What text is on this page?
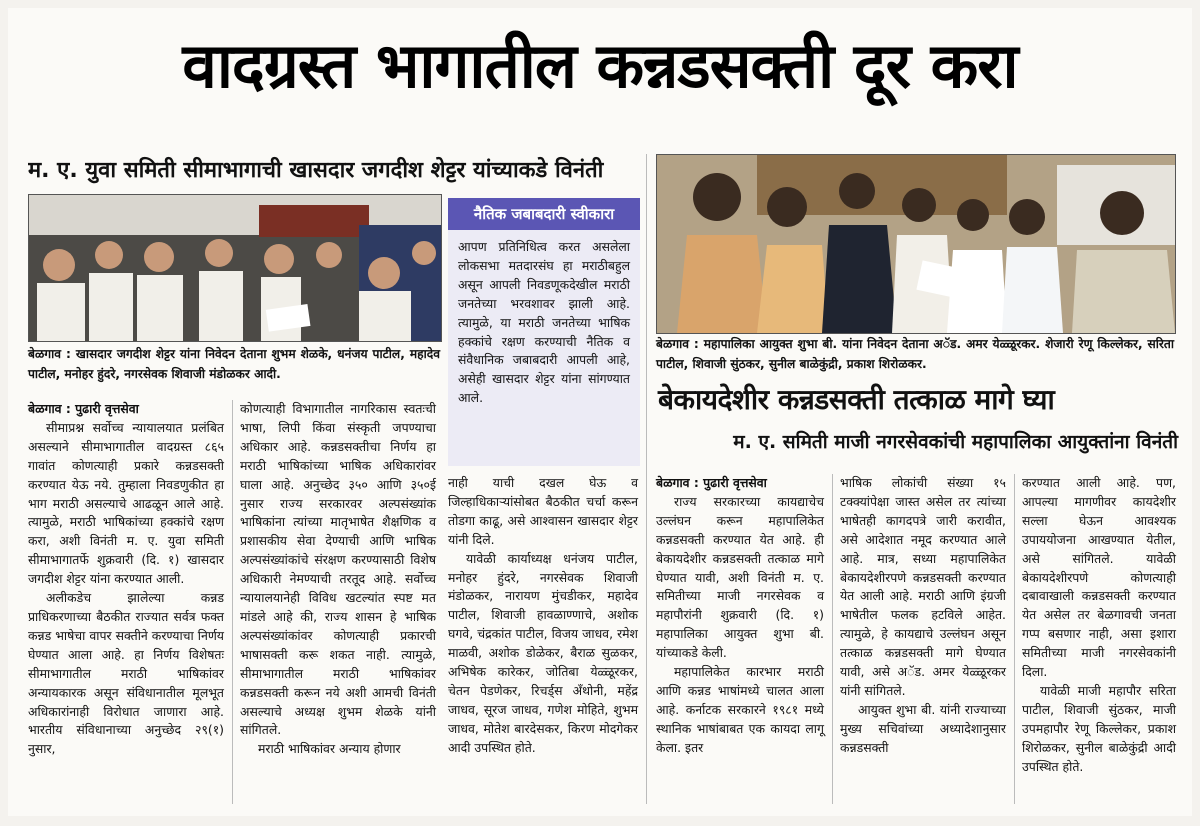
वादग्रस्त भागातील कन्नडसक्ती दूर करा
म. ए. युवा समिती सीमाभागाची खासदार जगदीश शेट्टर यांच्याकडे विनंती
बेळगाव : खासदार जगदीश शेट्टर यांना निवेदन देताना शुभम शेळके, धनंजय पाटील, महादेव पाटील, मनोहर हुंदरे, नगरसेवक शिवाजी मंडोळकर आदी.

बेळगाव : पुढारी वृत्तसेवा

सीमाप्रश्न सर्वोच्च न्यायालयात प्रलंबित असल्याने सीमाभागातील वादग्रस्त ८६५ गावांत कोणत्याही प्रकारे कन्नडसक्ती करण्यात येऊ नये. तुम्हाला निवडणुकीत हा भाग मराठी असल्याचे आढळून आले आहे. त्यामुळे, मराठी भाषिकांच्या हक्कांचे रक्षण करा, अशी विनंती म. ए. युवा समिती सीमाभागातर्फे शुक्रवारी (दि. १) खासदार जगदीश शेट्टर यांना करण्यात आली.

अलीकडेच झालेल्या कन्नड प्राधिकरणाच्या बैठकीत राज्यात सर्वत्र फक्त कन्नड भाषेचा वापर सक्तीने करण्याचा निर्णय घेण्यात आला आहे. हा निर्णय विशेषतः सीमाभागातील मराठी भाषिकांवर अन्यायकारक असून संविधानातील मूलभूत अधिकारांनाही विरोधात जाणारा आहे. भारतीय संविधानाच्या अनुच्छेद २९(१) नुसार,

कोणत्याही विभागातील नागरिकास स्वतःची भाषा, लिपी किंवा संस्कृती जपण्याचा अधिकार आहे. कन्नडसक्तीचा निर्णय हा मराठी भाषिकांच्या भाषिक अधिकारांवर घाला आहे. अनुच्छेद ३५० आणि ३५०ई नुसार राज्य सरकारवर अल्पसंख्यांक भाषिकांना त्यांच्या मातृभाषेत शैक्षणिक व प्रशासकीय सेवा देण्याची आणि भाषिक अल्पसंख्यांकांचे संरक्षण करण्यासाठी विशेष अधिकारी नेमण्याची तरतूद आहे. सर्वोच्च न्यायालयानेही विविध खटल्यांत स्पष्ट मत मांडले आहे की, राज्य शासन हे भाषिक अल्पसंख्यांकांवर कोणत्याही प्रकारची भाषासक्ती करू शकत नाही. त्यामुळे, सीमाभागातील मराठी भाषिकांवर कन्नडसक्ती करून नये अशी आमची विनंती असल्याचे अध्यक्ष शुभम शेळके यांनी सांगितले.

मराठी भाषिकांवर अन्याय होणार

नैतिक जबाबदारी स्वीकारा
आपण प्रतिनिधित्व करत असलेला लोकसभा मतदारसंघ हा मराठीबहुल असून आपली निवडणूकदेखील मराठी जनतेच्या भरवशावर झाली आहे. त्यामुळे, या मराठी जनतेच्या भाषिक हक्कांचे रक्षण करण्याची नैतिक व संवैधानिक जबाबदारी आपली आहे, असेही खासदार शेट्टर यांना सांगण्यात आले.

नाही याची दखल घेऊ व जिल्हाधिकाऱ्यांसोबत बैठकीत चर्चा करून तोडगा काढू, असे आश्वासन खासदार शेट्टर यांनी दिले.

यावेळी कार्याध्यक्ष धनंजय पाटील, मनोहर हुंदरे, नगरसेवक शिवाजी मंडोळकर, नारायण मुंचडीकर, महादेव पाटील, शिवाजी हावळाण्णाचे, अशोक घगवे, चंद्रकांत पाटील, विजय जाधव, रमेश माळवी, अशोक डोळेकर, बैराळ सुळकर, अभिषेक कारेकर, जोतिबा येळ्ळूरकर, चेतन पेडणेकर, रिचर्ड्स अँथोनी, महेंद्र जाधव, सूरज जाधव, गणेश मोहिते, शुभम जाधव, मोतेश बारदेसकर, किरण मोदगेकर आदी उपस्थित होते.

बेळगाव : महापालिका आयुक्त शुभा बी. यांना निवेदन देताना अॅड. अमर येळ्ळूरकर. शेजारी रेणू किल्लेकर, सरिता पाटील, शिवाजी सुंठकर, सुनील बाळेकुंद्री, प्रकाश शिरोळकर.
बेकायदेशीर कन्नडसक्ती तत्काळ मागे घ्या
म. ए. समिती माजी नगरसेवकांची महापालिका आयुक्तांना विनंती

बेळगाव : पुढारी वृत्तसेवा

राज्य सरकारच्या कायद्याचेच उल्लंघन करून महापालिकेत कन्नडसक्ती करण्यात येत आहे. ही बेकायदेशीर कन्नडसक्ती तत्काळ मागे घेण्यात यावी, अशी विनंती म. ए. समितीच्या माजी नगरसेवक व महापौरांनी शुक्रवारी (दि. १) महापालिका आयुक्त शुभा बी. यांच्याकडे केली.

महापालिकेत कारभार मराठी आणि कन्नड भाषांमध्ये चालत आला आहे. कर्नाटक सरकारने १९८१ मध्ये स्थानिक भाषांबाबत एक कायदा लागू केला. इतर

भाषिक लोकांची संख्या १५ टक्क्यांपेक्षा जास्त असेल तर त्यांच्या भाषेतही कागदपत्रे जारी करावीत, असे आदेशात नमूद करण्यात आले आहे. मात्र, सध्या महापालिकेत बेकायदेशीरपणे कन्नडसक्ती करण्यात येत आली आहे. मराठी आणि इंग्रजी भाषेतील फलक हटविले आहेत. त्यामुळे, हे कायद्याचे उल्लंघन असून तत्काळ कन्नडसक्ती मागे घेण्यात यावी, असे अॅड. अमर येळ्ळूरकर यांनी सांगितले.

आयुक्त शुभा बी. यांनी राज्याच्या मुख्य सचिवांच्या अध्यादेशानुसार कन्नडसक्ती

करण्यात आली आहे. पण, आपल्या मागणीवर कायदेशीर सल्ला घेऊन आवश्यक उपाययोजना आखण्यात येतील, असे सांगितले. यावेळी बेकायदेशीरपणे कोणत्याही दबावाखाली कन्नडसक्ती करण्यात येत असेल तर बेळगावची जनता गप्प बसणार नाही, असा इशारा समितीच्या माजी नगरसेवकांनी दिला.

यावेळी माजी महापौर सरिता पाटील, शिवाजी सुंठकर, माजी उपमहापौर रेणू किल्लेकर, प्रकाश शिरोळकर, सुनील बाळेकुंद्री आदी उपस्थित होते.
